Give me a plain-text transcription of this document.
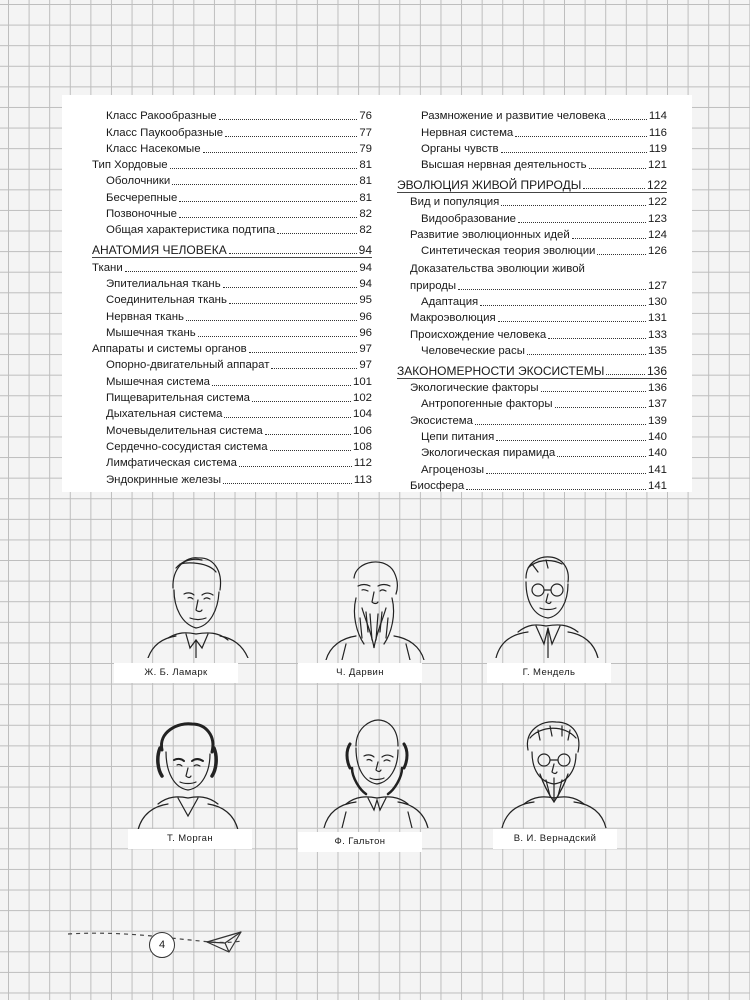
Класс Ракообразные	76
Класс Паукообразные	77
Класс Насекомые	79
Тип Хордовые	81
Оболочники	81
Бесчерепные	81
Позвоночные	82
Общая характеристика подтипа	82
АНАТОМИЯ ЧЕЛОВЕКА	94
Ткани	94
Эпителиальная ткань	94
Соединительная ткань	95
Нервная ткань	96
Мышечная ткань	96
Аппараты и системы органов	97
Опорно-двигательный аппарат	97
Мышечная система	101
Пищеварительная система	102
Дыхательная система	104
Мочевыделительная система	106
Сердечно-сосудистая система	108
Лимфатическая система	112
Эндокринные железы	113
Размножение и развитие человека	114
Нервная система	116
Органы чувств	119
Высшая нервная деятельность	121
ЭВОЛЮЦИЯ ЖИВОЙ ПРИРОДЫ	122
Вид и популяция	122
Видообразование	123
Развитие эволюционных идей	124
Синтетическая теория эволюции	126
Доказательства эволюции живой
природы	127
Адаптация	130
Макроэволюция	131
Происхождение человека	133
Человеческие расы	135
ЗАКОНОМЕРНОСТИ ЭКОСИСТЕМЫ	136
Экологические факторы	136
Антропогенные факторы	137
Экосистема	139
Цепи питания	140
Экологическая пирамида	140
Агроценозы	141
Биосфера	141
Ж. Б. Ламарк	Ч. Дарвин	Г. Мендель
Т. Морган	Ф. Гальтон	В. И. Вернадский
4
